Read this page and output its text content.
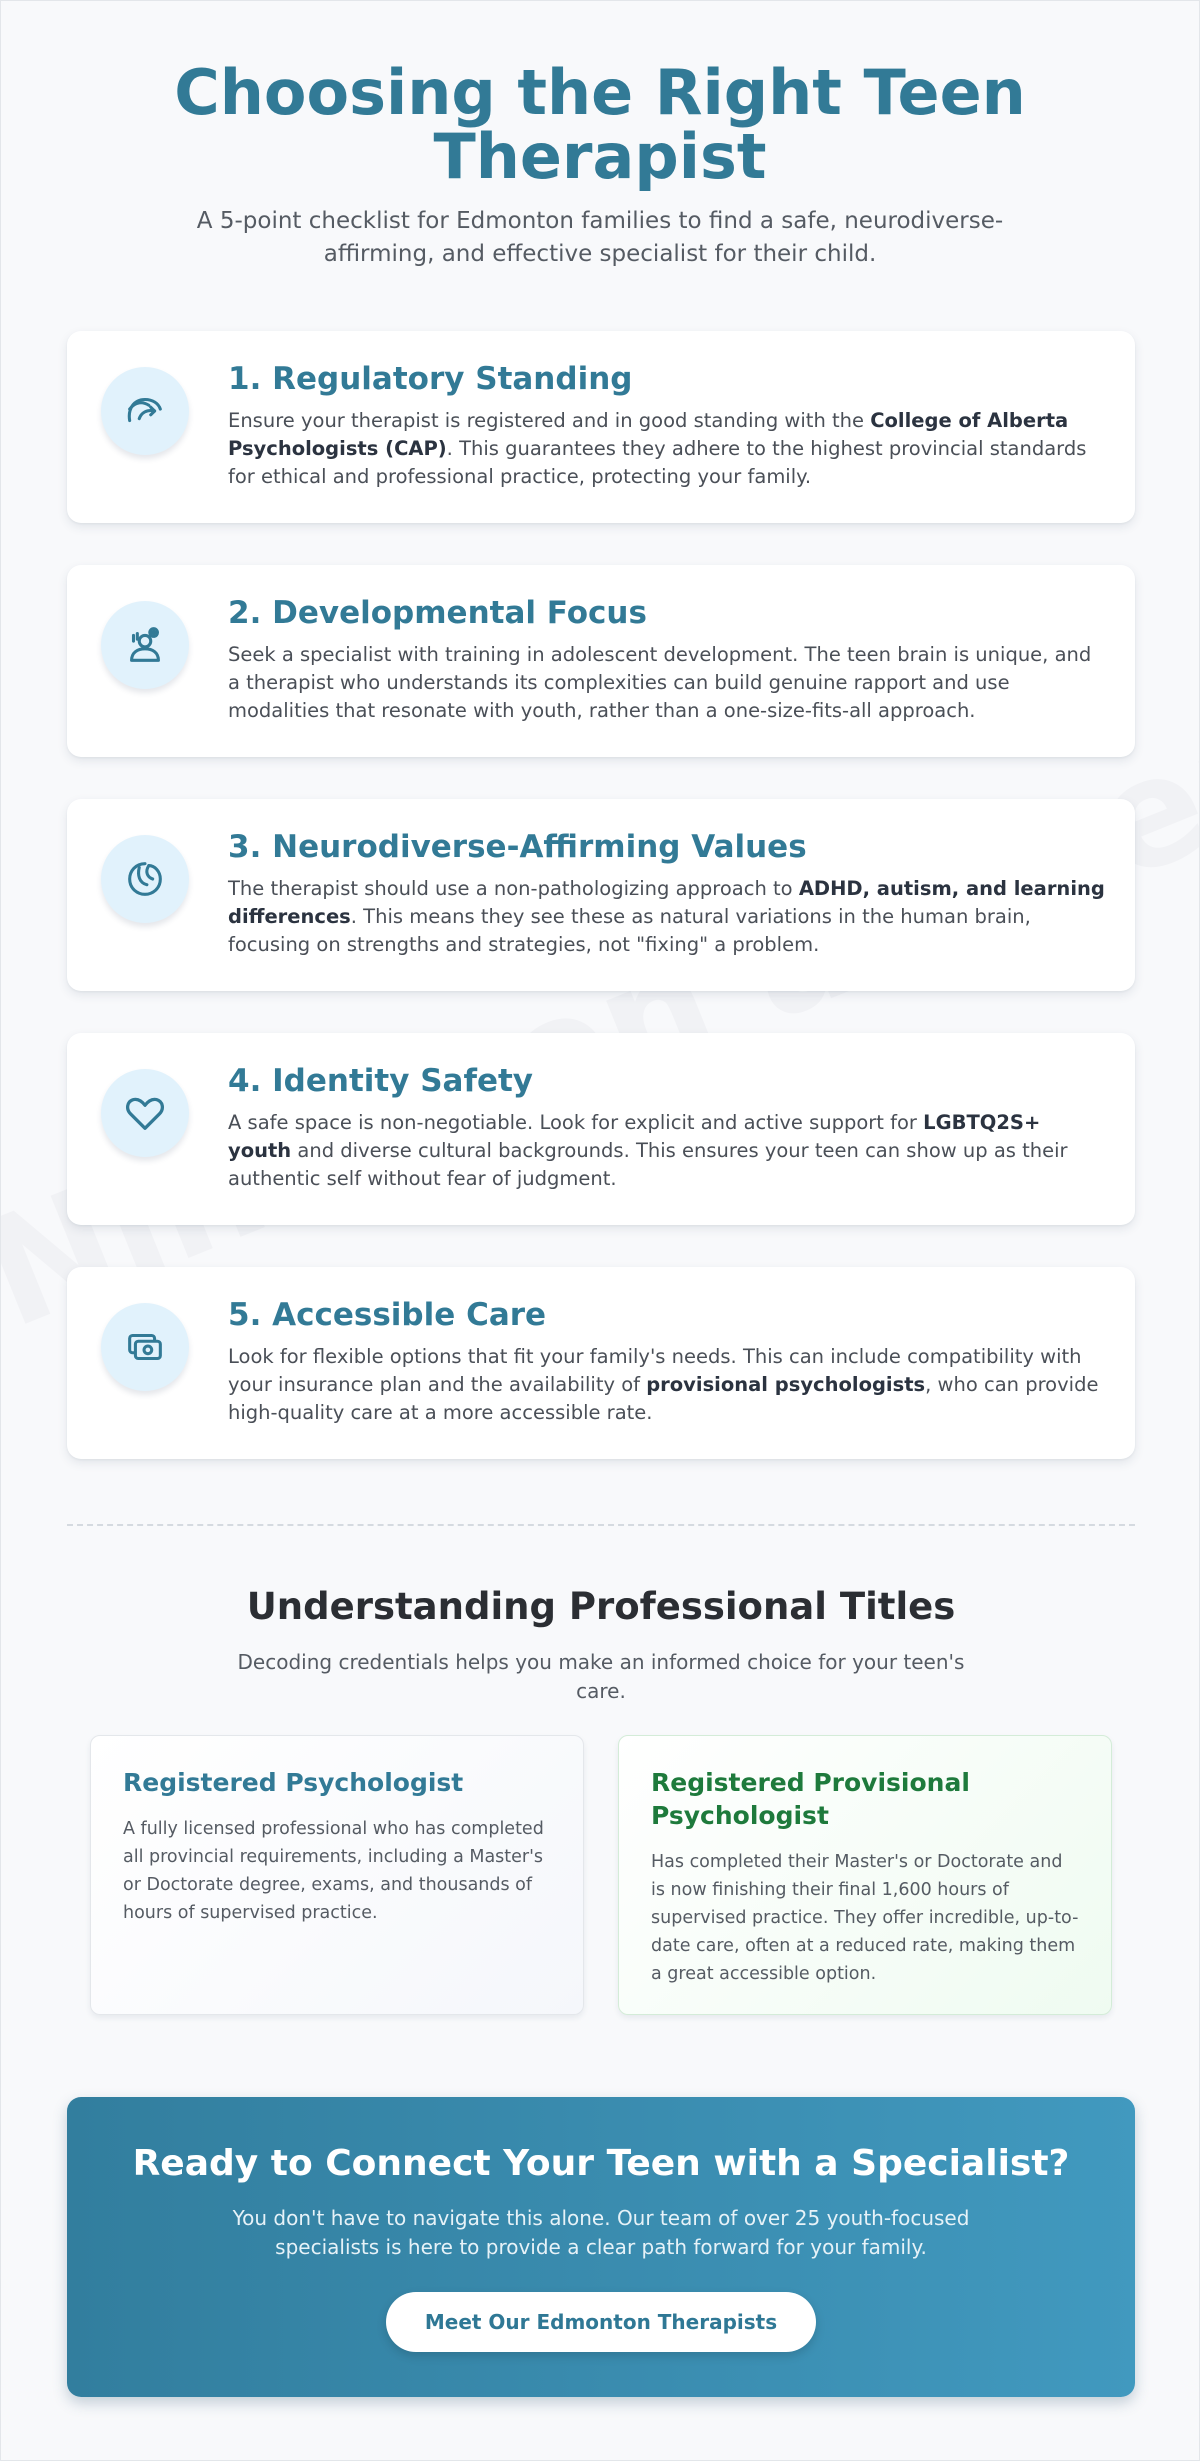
Choosing the Right Teen Therapist

A 5-point checklist for Edmonton families to find a safe, neurodiverse-affirming, and effective specialist for their child.

1. Regulatory Standing
Ensure your therapist is registered and in good standing with the College of Alberta Psychologists (CAP). This guarantees they adhere to the highest provincial standards for ethical and professional practice, protecting your family.
2. Developmental Focus
Seek a specialist with training in adolescent development. The teen brain is unique, and a therapist who understands its complexities can build genuine rapport and use modalities that resonate with youth, rather than a one-size-fits-all approach.
3. Neurodiverse-Affirming Values
The therapist should use a non-pathologizing approach to ADHD, autism, and learning differences. This means they see these as natural variations in the human brain, focusing on strengths and strategies, not "fixing" a problem.
4. Identity Safety
A safe space is non-negotiable. Look for explicit and active support for LGBTQ2S+ youth and diverse cultural backgrounds. This ensures your teen can show up as their authentic self without fear of judgment.
5. Accessible Care
Look for flexible options that fit your family's needs. This can include compatibility with your insurance plan and the availability of provisional psychologists, who can provide high-quality care at a more accessible rate.
Understanding Professional Titles

Decoding credentials helps you make an informed choice for your teen's care.

Registered Psychologist
A fully licensed professional who has completed all provincial requirements, including a Master's or Doctorate degree, exams, and thousands of hours of supervised practice.
Registered Provisional Psychologist
Has completed their Master's or Doctorate and is now finishing their final 1,600 hours of supervised practice. They offer incredible, up-to-date care, often at a reduced rate, making them a great accessible option.
Ready to Connect Your Teen with a Specialist?
You don't have to navigate this alone. Our team of over 25 youth-focused specialists is here to provide a clear path forward for your family.
Meet Our Edmonton Therapists
